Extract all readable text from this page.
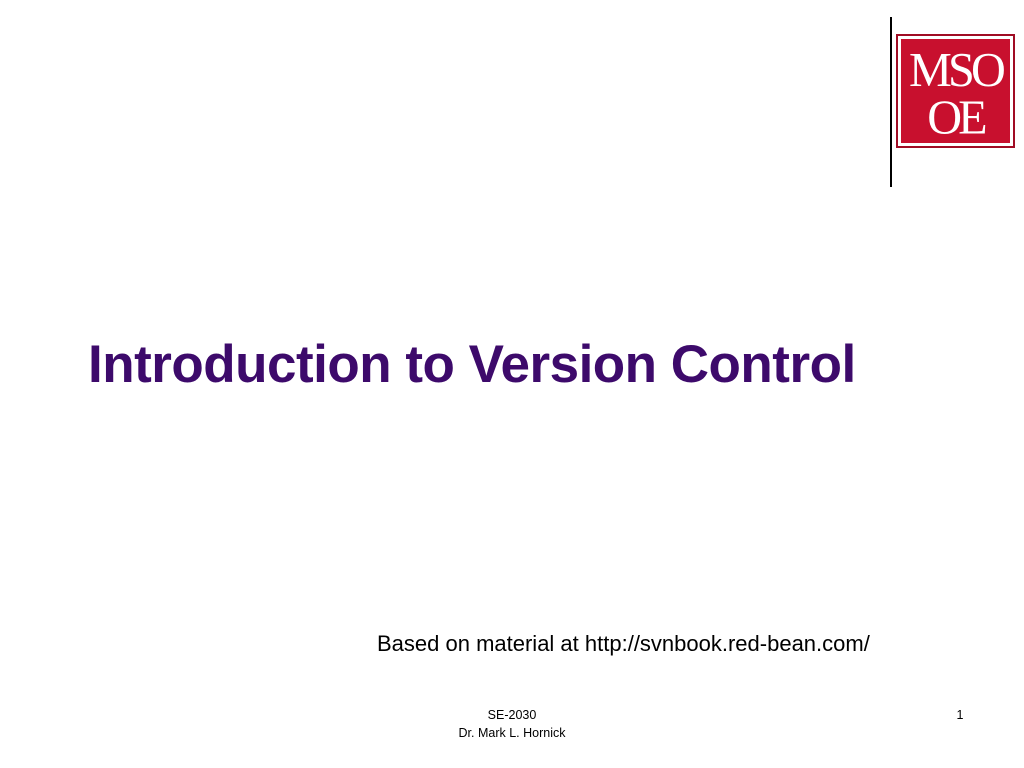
MSO
OE
Introduction to Version Control
Based on material at http://svnbook.red-bean.com/
SE-2030
Dr. Mark L. Hornick
1
